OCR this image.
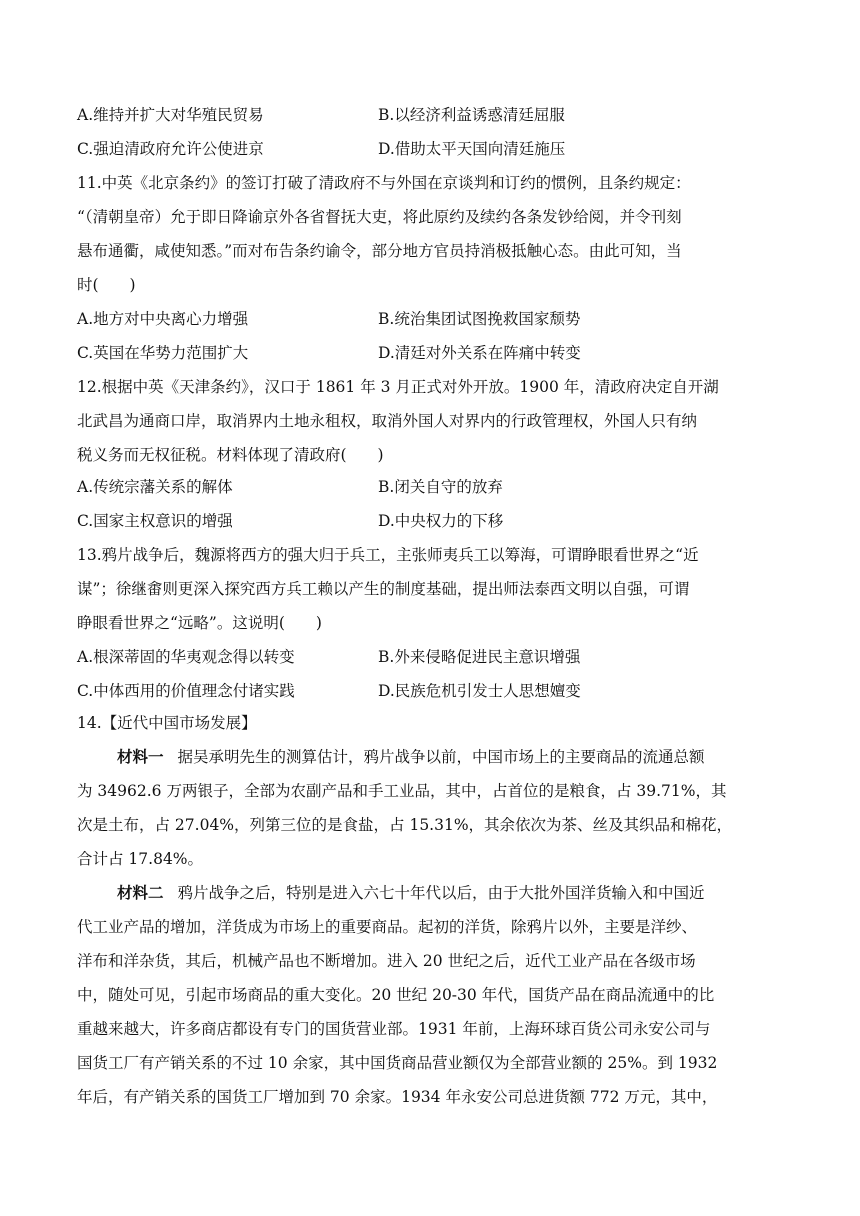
A.维持并扩大对华殖民贸易	B.以经济利益诱惑清廷屈服
C.强迫清政府允许公使进京	D.借助太平天国向清廷施压
11.中英《北京条约》的签订打破了清政府不与外国在京谈判和订约的惯例，且条约规定：
“（清朝皇帝）允于即日降谕京外各省督抚大吏，将此原约及续约各条发钞给阅，并令刊刻
悬布通衢，咸使知悉。”而对布告条约谕令，部分地方官员持消极抵触心态。由此可知，当
时(　　)
A.地方对中央离心力增强	B.统治集团试图挽救国家颓势
C.英国在华势力范围扩大	D.清廷对外关系在阵痛中转变
12.根据中英《天津条约》，汉口于 1861 年 3 月正式对外开放。1900 年，清政府决定自开湖
北武昌为通商口岸，取消界内土地永租权，取消外国人对界内的行政管理权，外国人只有纳
税义务而无权征税。材料体现了清政府(　　)
A.传统宗藩关系的解体	B.闭关自守的放弃
C.国家主权意识的增强	D.中央权力的下移
13.鸦片战争后，魏源将西方的强大归于兵工，主张师夷兵工以筹海，可谓睁眼看世界之“近
谋”；徐继畬则更深入探究西方兵工赖以产生的制度基础，提出师法泰西文明以自强，可谓
睁眼看世界之“远略”。这说明(　　)
A.根深蒂固的华夷观念得以转变	B.外来侵略促进民主意识增强
C.中体西用的价值理念付诸实践	D.民族危机引发士人思想嬗变
14.【近代中国市场发展】
材料一 据吴承明先生的测算估计，鸦片战争以前，中国市场上的主要商品的流通总额
为 34962.6 万两银子，全部为农副产品和手工业品，其中，占首位的是粮食，占 39.71%，其
次是土布，占 27.04%，列第三位的是食盐，占 15.31%，其余依次为茶、丝及其织品和棉花，
合计占 17.84%。
材料二 鸦片战争之后，特别是进入六七十年代以后，由于大批外国洋货输入和中国近
代工业产品的增加，洋货成为市场上的重要商品。起初的洋货，除鸦片以外，主要是洋纱、
洋布和洋杂货，其后，机械产品也不断增加。进入 20 世纪之后，近代工业产品在各级市场
中，随处可见，引起市场商品的重大变化。20 世纪 20-30 年代，国货产品在商品流通中的比
重越来越大，许多商店都设有专门的国货营业部。1931 年前，上海环球百货公司永安公司与
国货工厂有产销关系的不过 10 余家，其中国货商品营业额仅为全部营业额的 25%。到 1932
年后，有产销关系的国货工厂增加到 70 余家。1934 年永安公司总进货额 772 万元，其中，
